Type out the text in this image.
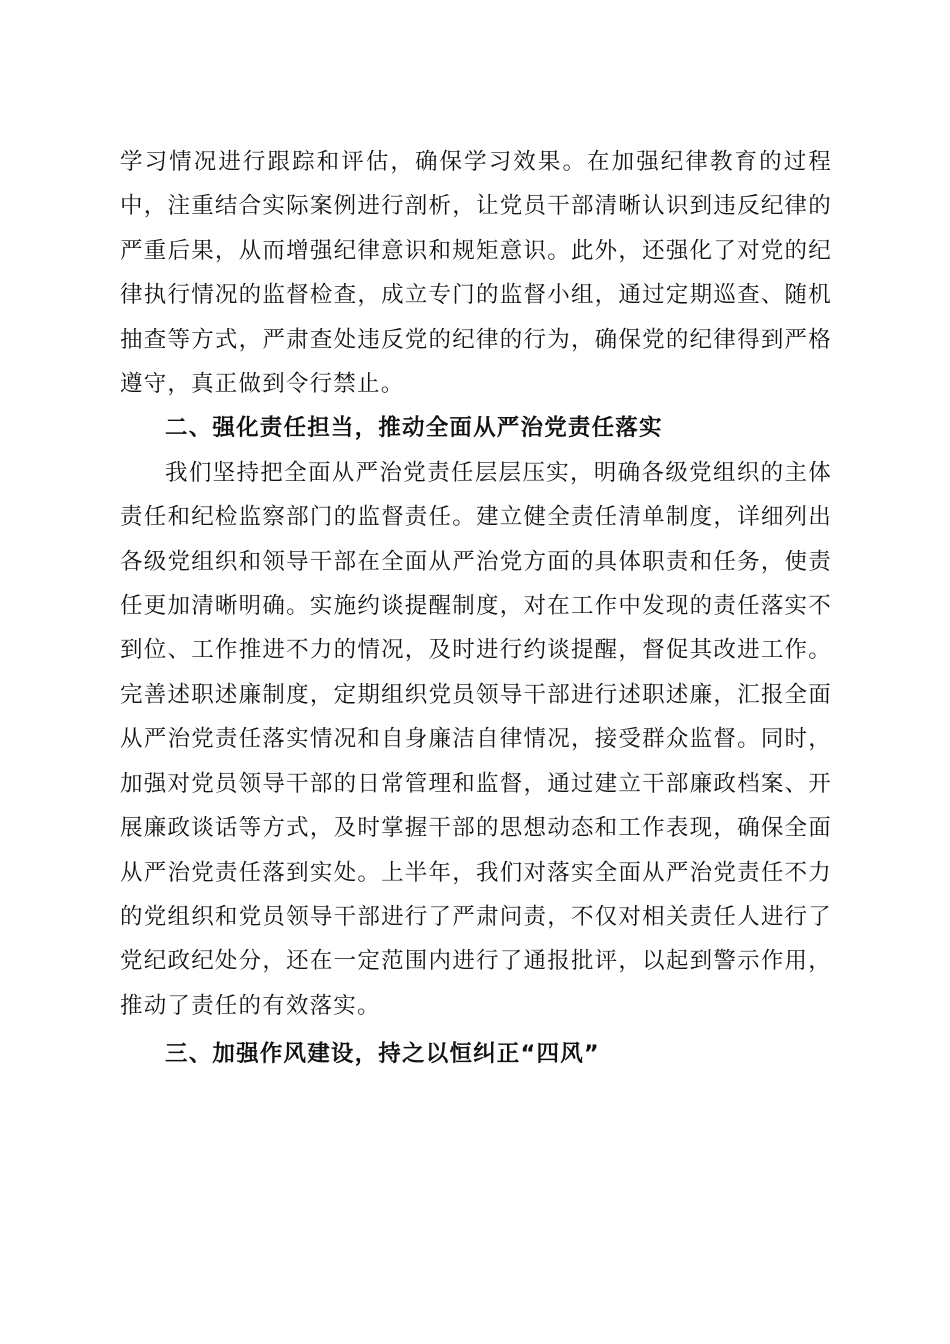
学习情况进行跟踪和评估，确保学习效果。在加强纪律教育的过程中，注重结合实际案例进行剖析，让党员干部清晰认识到违反纪律的严重后果，从而增强纪律意识和规矩意识。此外，还强化了对党的纪律执行情况的监督检查，成立专门的监督小组，通过定期巡查、随机抽查等方式，严肃查处违反党的纪律的行为，确保党的纪律得到严格遵守，真正做到令行禁止。

二、强化责任担当，推动全面从严治党责任落实

我们坚持把全面从严治党责任层层压实，明确各级党组织的主体责任和纪检监察部门的监督责任。建立健全责任清单制度，详细列出各级党组织和领导干部在全面从严治党方面的具体职责和任务，使责任更加清晰明确。实施约谈提醒制度，对在工作中发现的责任落实不到位、工作推进不力的情况，及时进行约谈提醒，督促其改进工作。完善述职述廉制度，定期组织党员领导干部进行述职述廉，汇报全面从严治党责任落实情况和自身廉洁自律情况，接受群众监督。同时，加强对党员领导干部的日常管理和监督，通过建立干部廉政档案、开展廉政谈话等方式，及时掌握干部的思想动态和工作表现，确保全面从严治党责任落到实处。上半年，我们对落实全面从严治党责任不力的党组织和党员领导干部进行了严肃问责，不仅对相关责任人进行了党纪政纪处分，还在一定范围内进行了通报批评，以起到警示作用，推动了责任的有效落实。

三、加强作风建设，持之以恒纠正“四风”
